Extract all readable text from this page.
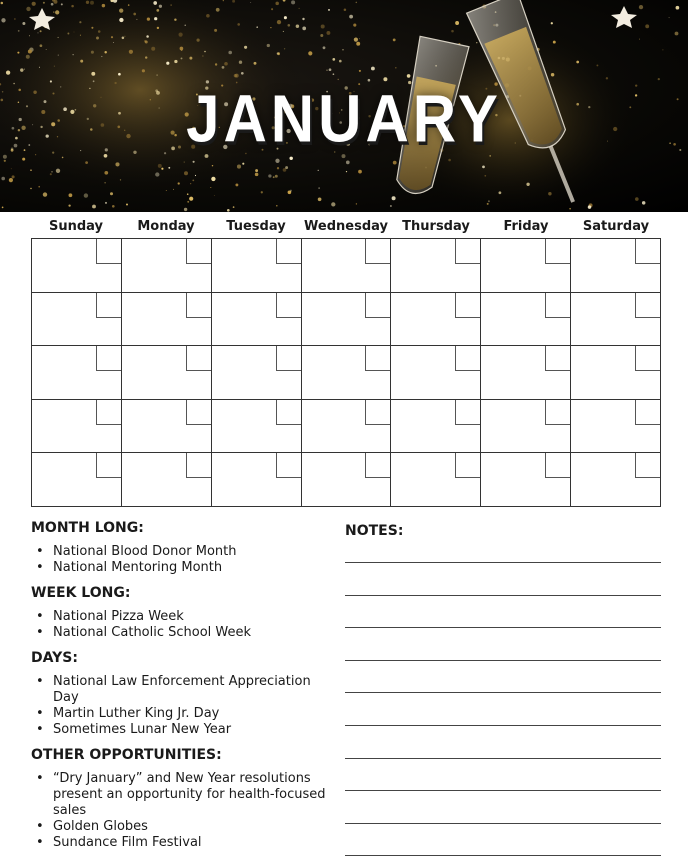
JANUARY
Sunday	Monday	Tuesday	Wednesday	Thursday	Friday	Saturday
MONTH LONG:
• National Blood Donor Month
• National Mentoring Month
WEEK LONG:
• National Pizza Week
• National Catholic School Week
DAYS:
• National Law Enforcement Appreciation Day
• Martin Luther King Jr. Day
• Sometimes Lunar New Year
OTHER OPPORTUNITIES:
• “Dry January” and New Year resolutions present an opportunity for health-focused sales
• Golden Globes
• Sundance Film Festival
NOTES:
